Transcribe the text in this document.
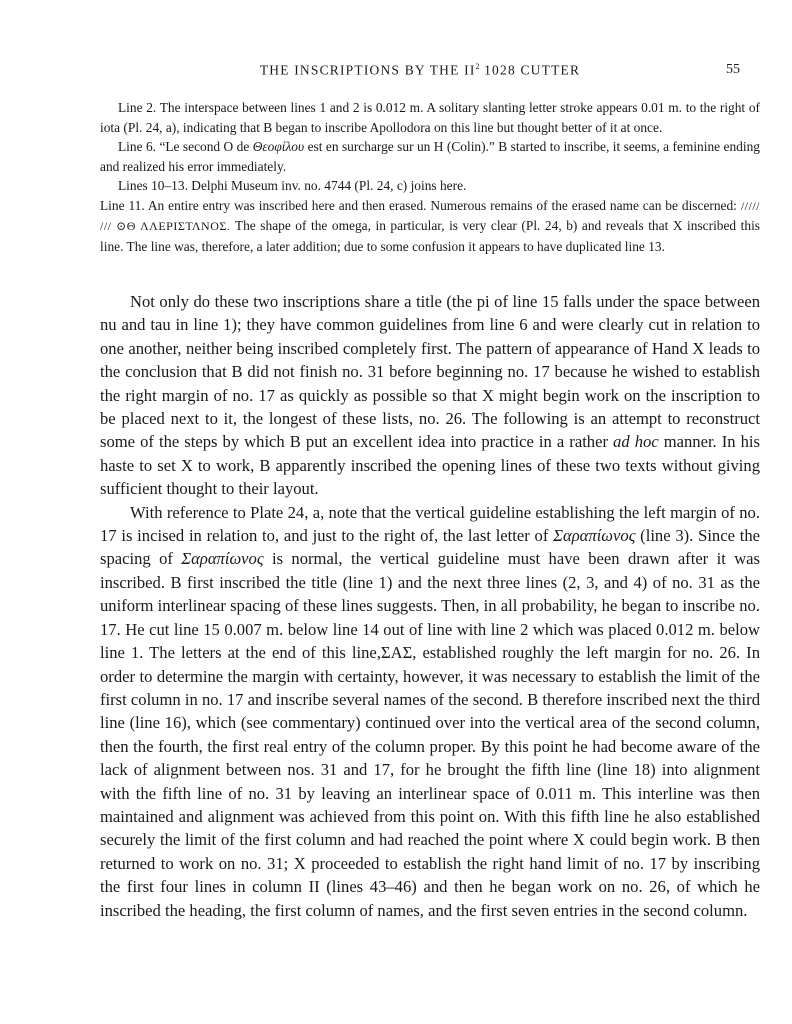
THE INSCRIPTIONS BY THE $II^2$ 1028 CUTTER	55

Line 2. The interspace between lines 1 and 2 is 0.012 m. A solitary slanting letter stroke appears 0.01 m. to the right of iota (Pl. 24, a), indicating that B began to inscribe Apollodora on this line but thought better of it at once.

Line 6. “Le second O de Θεοφίλου est en surcharge sur un H (Colin).” B started to inscribe, it seems, a feminine ending and realized his error immediately.

Lines 10–13. Delphi Museum inv. no. 4744 (Pl. 24, c) joins here.

Line 11. An entire entry was inscribed here and then erased. Numerous remains of the erased name can be discerned: ///// /// ⊙Θ ΛΛΕΡΙΣΤΛΝΟΣ. The shape of the omega, in particular, is very clear (Pl. 24, b) and reveals that X inscribed this line. The line was, therefore, a later addition; due to some confusion it appears to have duplicated line 13.

Not only do these two inscriptions share a title (the pi of line 15 falls under the space between nu and tau in line 1); they have common guidelines from line 6 and were clearly cut in relation to one another, neither being inscribed completely first. The pattern of appearance of Hand X leads to the conclusion that B did not finish no. 31 before beginning no. 17 because he wished to establish the right margin of no. 17 as quickly as possible so that X might begin work on the inscription to be placed next to it, the longest of these lists, no. 26. The following is an attempt to reconstruct some of the steps by which B put an excellent idea into practice in a rather ad hoc manner. In his haste to set X to work, B apparently inscribed the opening lines of these two texts without giving sufficient thought to their layout.

With reference to Plate 24, a, note that the vertical guideline establishing the left margin of no. 17 is incised in relation to, and just to the right of, the last letter of Σαραπίωνος (line 3). Since the spacing of Σαραπίωνος is normal, the vertical guideline must have been drawn after it was inscribed. B first inscribed the title (line 1) and the next three lines (2, 3, and 4) of no. 31 as the uniform interlinear spacing of these lines suggests. Then, in all probability, he began to inscribe no. 17. He cut line 15 0.007 m. below line 14 out of line with line 2 which was placed 0.012 m. below line 1. The letters at the end of this line,ΣΑΣ, established roughly the left margin for no. 26. In order to determine the margin with certainty, however, it was necessary to establish the limit of the first column in no. 17 and inscribe several names of the second. B therefore inscribed next the third line (line 16), which (see commentary) continued over into the vertical area of the second column, then the fourth, the first real entry of the column proper. By this point he had become aware of the lack of alignment between nos. 31 and 17, for he brought the fifth line (line 18) into alignment with the fifth line of no. 31 by leaving an interlinear space of 0.011 m. This interline was then maintained and alignment was achieved from this point on. With this fifth line he also established securely the limit of the first column and had reached the point where X could begin work. B then returned to work on no. 31; X proceeded to establish the right hand limit of no. 17 by inscribing the first four lines in column II (lines 43–46) and then he began work on no. 26, of which he inscribed the heading, the first column of names, and the first seven entries in the second column.
